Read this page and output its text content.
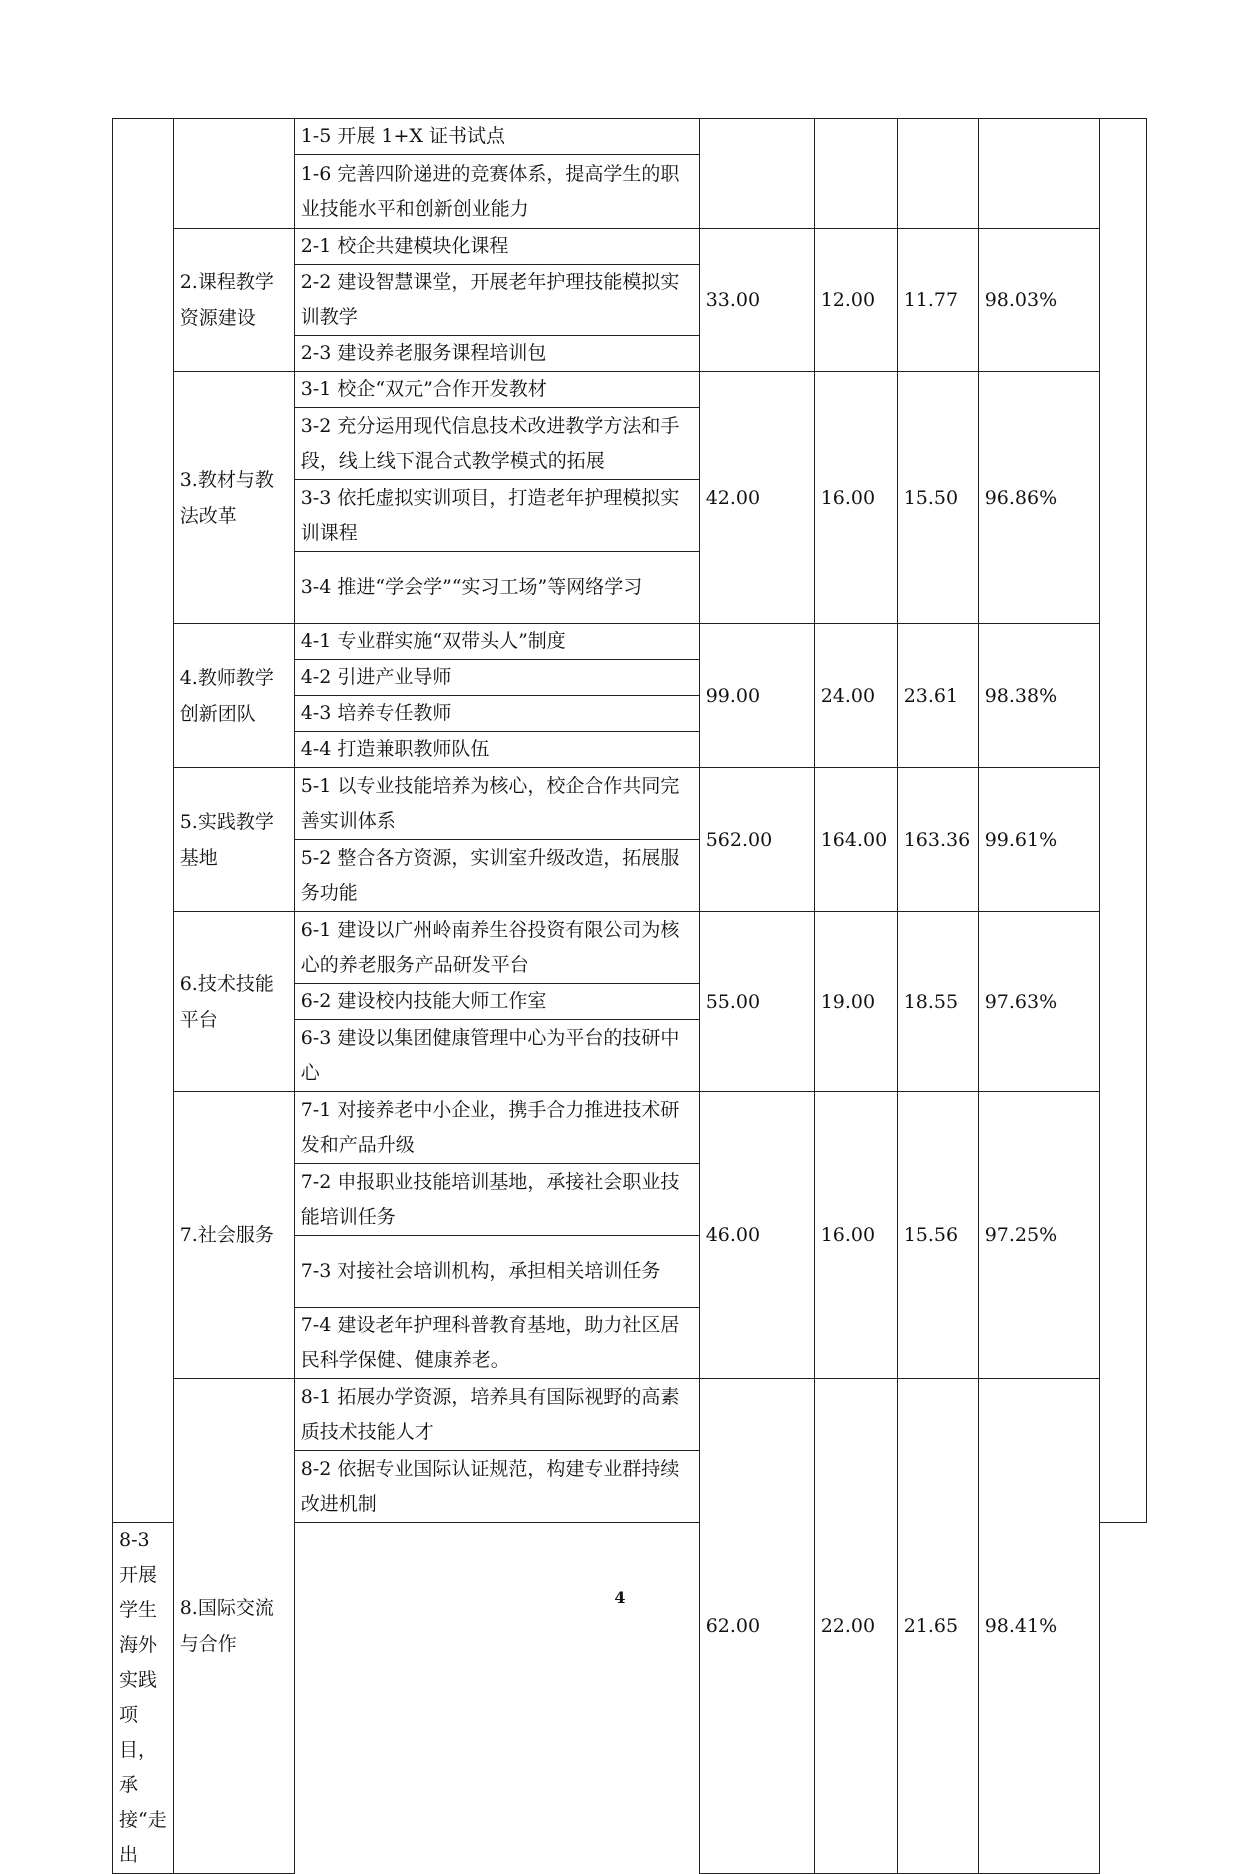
		1-5 开展 1+X 证书试点					
		1-6 完善四阶递进的竞赛体系，提高学生的职业技能水平和创新创业能力					
	2.课程教学资源建设	2-1 校企共建模块化课程	33.00	12.00	11.77	98.03%	
		2-2 建设智慧课堂，开展老年护理技能模拟实训教学					
		2-3 建设养老服务课程培训包					
	3.教材与教法改革	3-1 校企“双元”合作开发教材	42.00	16.00	15.50	96.86%	
		3-2 充分运用现代信息技术改进教学方法和手段，线上线下混合式教学模式的拓展					
		3-3 依托虚拟实训项目，打造老年护理模拟实训课程					
		3-4 推进“学会学”“实习工场”等网络学习					
	4.教师教学创新团队	4-1 专业群实施“双带头人”制度	99.00	24.00	23.61	98.38%	
		4-2 引进产业导师					
		4-3 培养专任教师					
		4-4 打造兼职教师队伍					
	5.实践教学基地	5-1 以专业技能培养为核心，校企合作共同完善实训体系	562.00	164.00	163.36	99.61%	
		5-2 整合各方资源，实训室升级改造，拓展服务功能					
	6.技术技能平台	6-1 建设以广州岭南养生谷投资有限公司为核心的养老服务产品研发平台	55.00	19.00	18.55	97.63%	
		6-2 建设校内技能大师工作室					
		6-3 建设以集团健康管理中心为平台的技研中心					
	7.社会服务	7-1 对接养老中小企业，携手合力推进技术研发和产品升级	46.00	16.00	15.56	97.25%	
		7-2 申报职业技能培训基地，承接社会职业技能培训任务					
		7-3 对接社会培训机构，承担相关培训任务					
		7-4 建设老年护理科普教育基地，助力社区居民科学保健、健康养老。					
	8.国际交流与合作	8-1 拓展办学资源，培养具有国际视野的高素质技术技能人才	62.00	22.00	21.65	98.41%	
		8-2 依据专业国际认证规范，构建专业群持续改进机制					
8-3 开展学生海外实践项目，承接“走出							
4
